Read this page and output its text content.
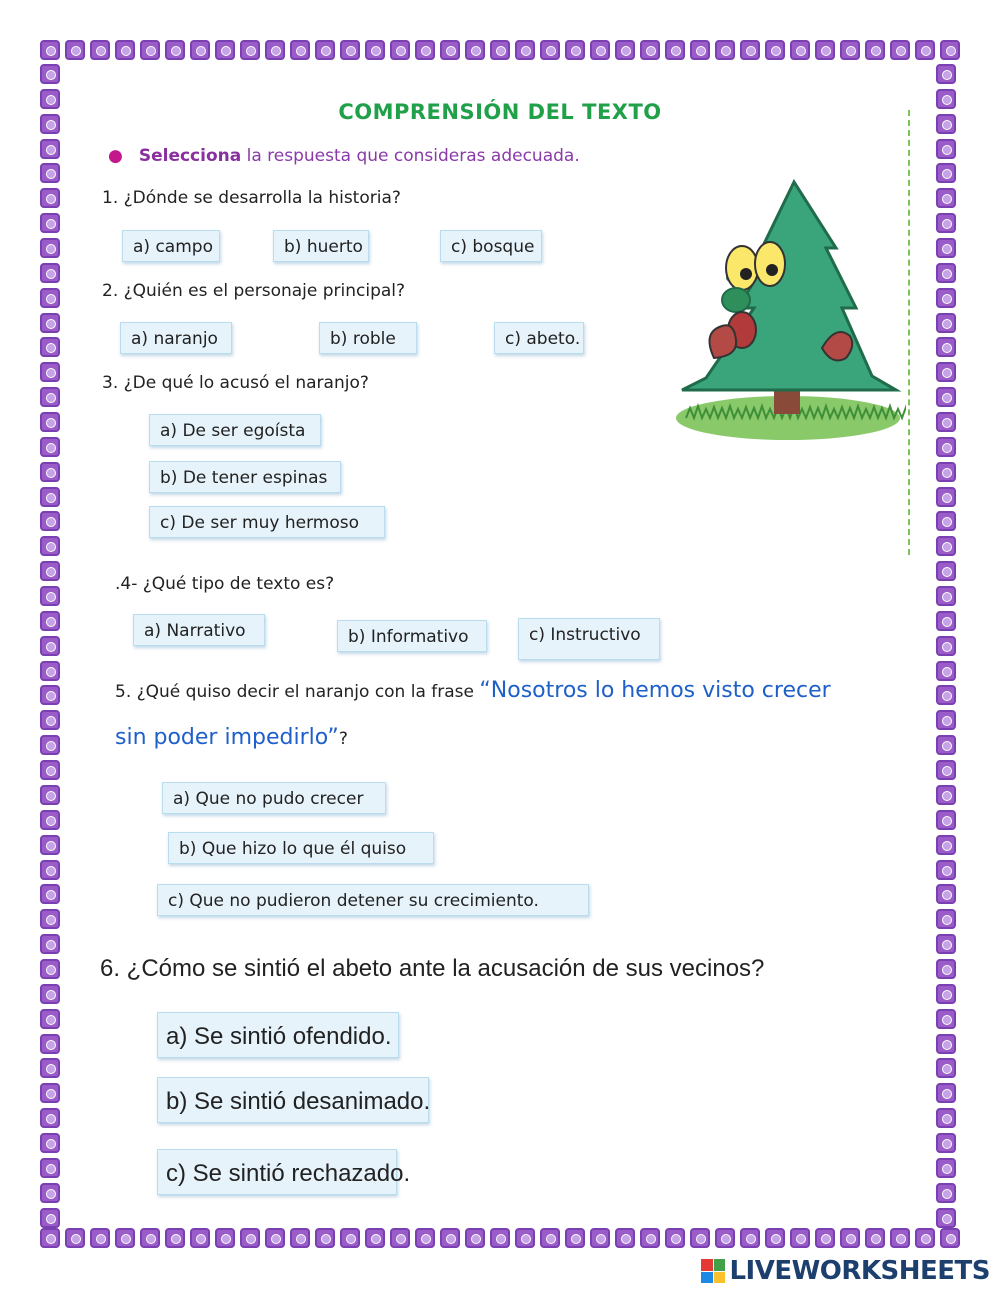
COMPRENSIÓN DEL TEXTO
● Selecciona la respuesta que consideras adecuada.
1. ¿Dónde se desarrolla la historia?
a) campo	b) huerto	c) bosque
2. ¿Quién es el personaje principal?
a) naranjo	b) roble	c) abeto.
3. ¿De qué lo acusó el naranjo?
a) De ser egoísta
b) De tener espinas
c) De ser muy hermoso
.4- ¿Qué tipo de texto es?
a) Narrativo	b) Informativo	c) Instructivo
5. ¿Qué quiso decir el naranjo con la frase “Nosotros lo hemos visto crecer
sin poder impedirlo”?
a) Que no pudo crecer
b) Que hizo lo que él quiso
c) Que no pudieron detener su crecimiento.
6. ¿Cómo se sintió el abeto ante la acusación de sus vecinos?
a) Se sintió ofendido.
b) Se sintió desanimado.
c) Se sintió rechazado.
LIVEWORKSHEETS
